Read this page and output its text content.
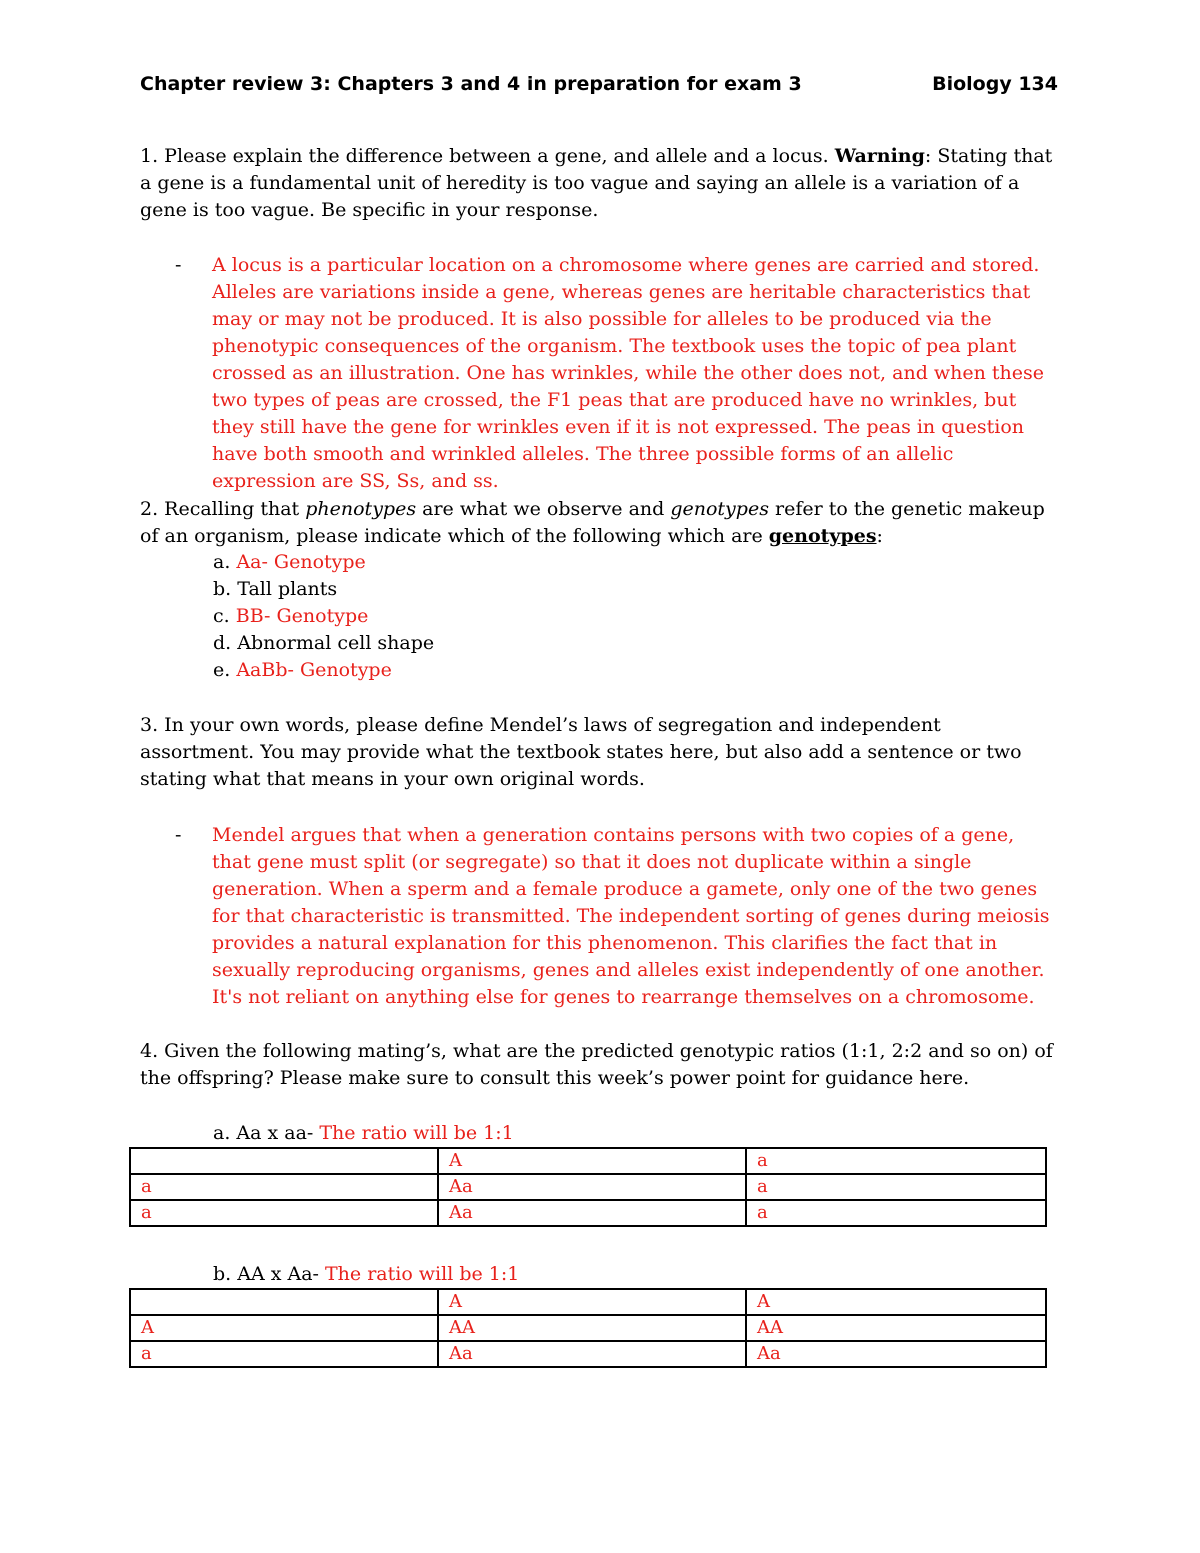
Chapter review 3: Chapters 3 and 4 in preparation for exam 3	Biology 134

1. Please explain the difference between a gene, and allele and a locus. Warning: Stating that a gene is a fundamental unit of heredity is too vague and saying an allele is a variation of a gene is too vague. Be specific in your response.

- A locus is a particular location on a chromosome where genes are carried and stored. Alleles are variations inside a gene, whereas genes are heritable characteristics that may or may not be produced. It is also possible for alleles to be produced via the phenotypic consequences of the organism. The textbook uses the topic of pea plant crossed as an illustration. One has wrinkles, while the other does not, and when these two types of peas are crossed, the F1 peas that are produced have no wrinkles, but they still have the gene for wrinkles even if it is not expressed. The peas in question have both smooth and wrinkled alleles. The three possible forms of an allelic expression are SS, Ss, and ss.

2. Recalling that phenotypes are what we observe and genotypes refer to the genetic makeup of an organism, please indicate which of the following which are genotypes:

a. Aa- Genotype
b. Tall plants
c. BB- Genotype
d. Abnormal cell shape
e. AaBb- Genotype

3. In your own words, please define Mendel’s laws of segregation and independent assortment. You may provide what the textbook states here, but also add a sentence or two stating what that means in your own original words.

- Mendel argues that when a generation contains persons with two copies of a gene, that gene must split (or segregate) so that it does not duplicate within a single generation. When a sperm and a female produce a gamete, only one of the two genes for that characteristic is transmitted. The independent sorting of genes during meiosis provides a natural explanation for this phenomenon. This clarifies the fact that in sexually reproducing organisms, genes and alleles exist independently of one another. It's not reliant on anything else for genes to rearrange themselves on a chromosome.

4. Given the following mating’s, what are the predicted genotypic ratios (1:1, 2:2 and so on) of the offspring? Please make sure to consult this week’s power point for guidance here.

a. Aa x aa- The ratio will be 1:1
	A	a
a	Aa	a
a	Aa	a
b. AA x Aa- The ratio will be 1:1
	A	A
A	AA	AA
a	Aa	Aa
